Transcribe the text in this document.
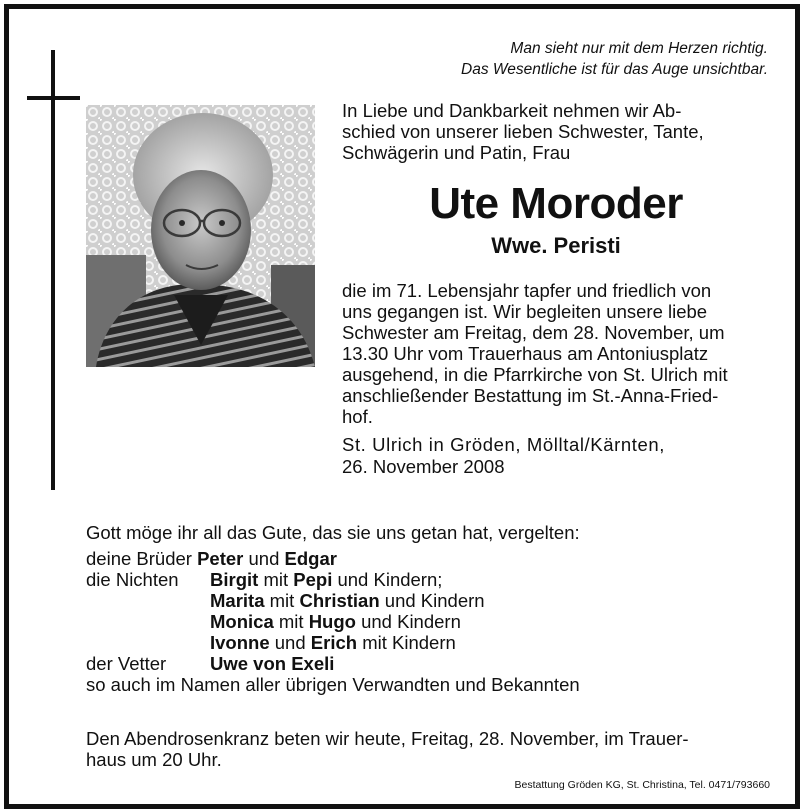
Man sieht nur mit dem Herzen richtig.
Das Wesentliche ist für das Auge unsichtbar.
In Liebe und Dankbarkeit nehmen wir Ab-
schied von unserer lieben Schwester, Tante,
Schwägerin und Patin, Frau
Ute Moroder
Wwe. Peristi
die im 71. Lebensjahr tapfer und friedlich von
uns gegangen ist. Wir begleiten unsere liebe
Schwester am Freitag, dem 28. November, um
13.30 Uhr vom Trauerhaus am Antoniusplatz
ausgehend, in die Pfarrkirche von St. Ulrich mit
anschließender Bestattung im St.-Anna-Fried-
hof.
St. Ulrich in Gröden, Mölltal/Kärnten,
26. November 2008
Gott möge ihr all das Gute, das sie uns getan hat, vergelten:
deine Brüder Peter und Edgar	
die Nichten	Birgit mit Pepi und Kindern;
	Marita mit Christian und Kindern
	Monica mit Hugo und Kindern
	Ivonne und Erich mit Kindern
der Vetter	Uwe von Exeli
so auch im Namen aller übrigen Verwandten und Bekannten	
Den Abendrosenkranz beten wir heute, Freitag, 28. November, im Trauer-
haus um 20 Uhr.
Bestattung Gröden KG, St. Christina, Tel. 0471/793660
